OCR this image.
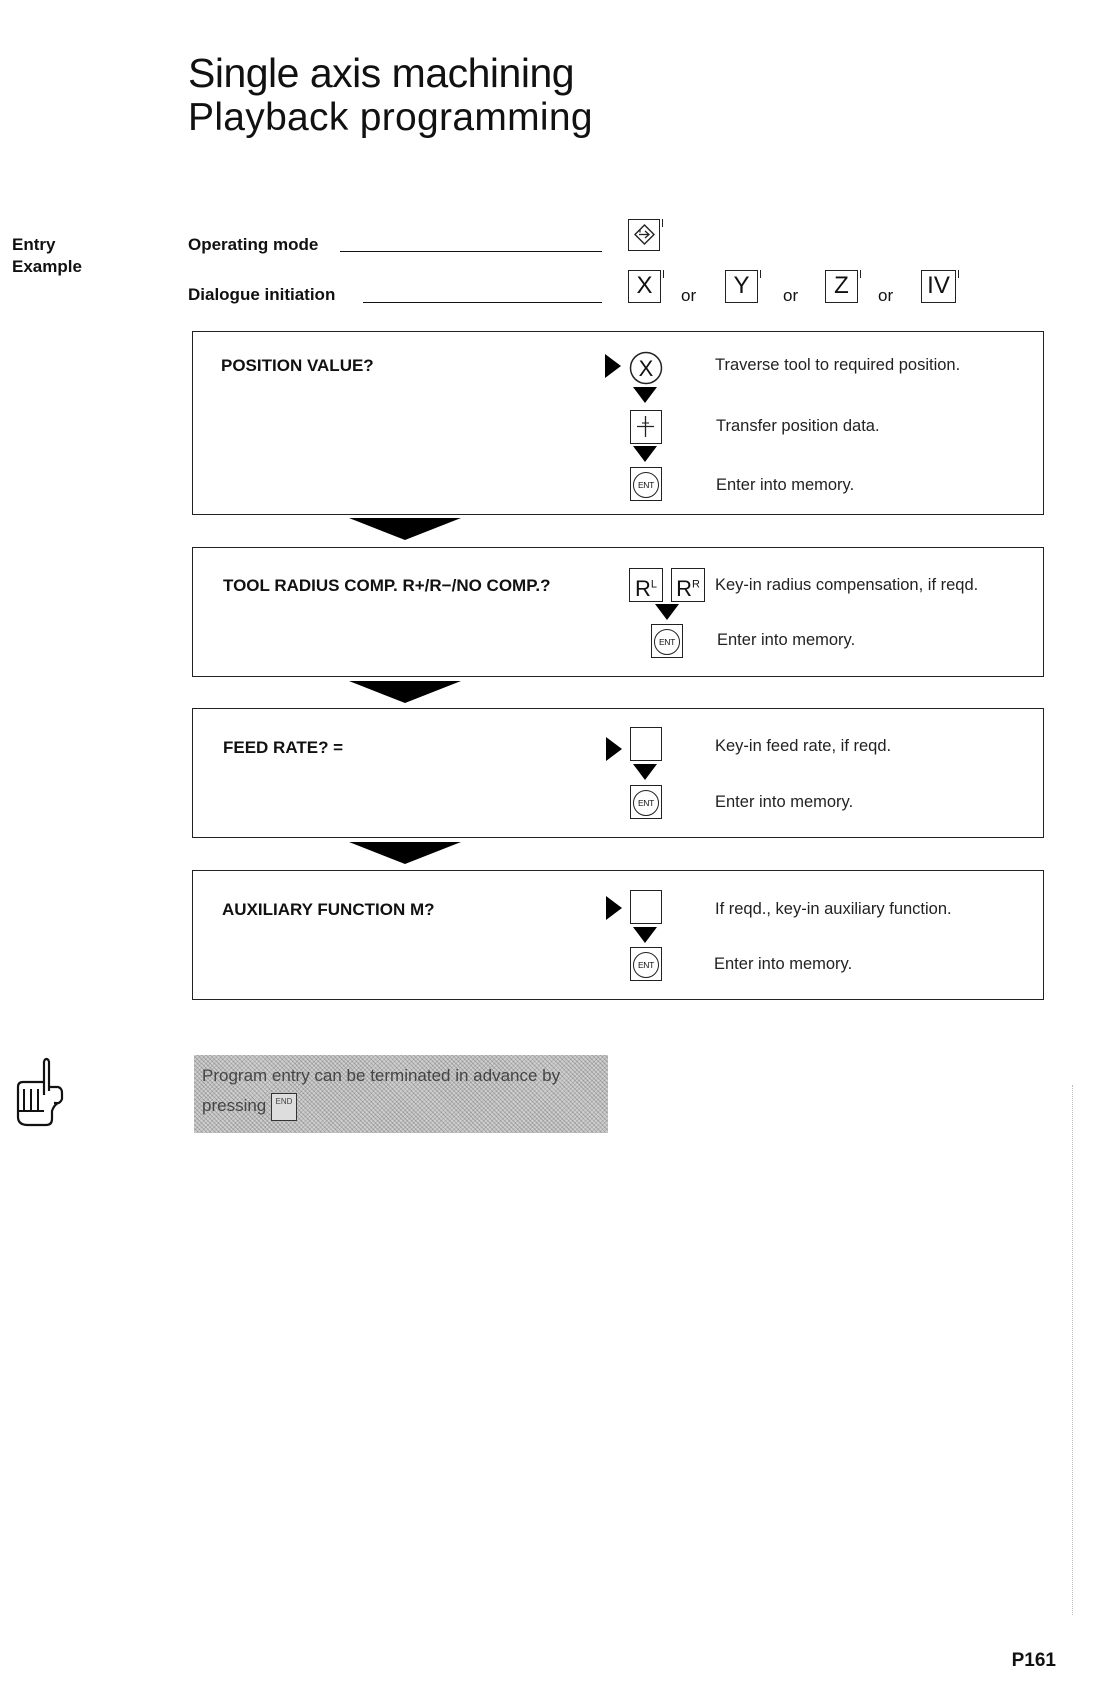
Single axis machining
Playback programming
Entry
Example
Operating mode
Dialogue initiation	X	or	Y	or	Z	or IV
POSITION VALUE?	X
ENT
Traverse tool to required position.
Transfer position data.
Enter into memory.
TOOL RADIUS COMP. R+/R−/NO COMP.?	$R^L$ $R^R$
ENT
Key-in radius compensation, if reqd.
Enter into memory.
FEED RATE? =
ENT
Key-in feed rate, if reqd.
Enter into memory.
AUXILIARY FUNCTION M?
ENT
If reqd., key-in auxiliary function.
Enter into memory.
Program entry can be terminated in advance by pressing END
P161
